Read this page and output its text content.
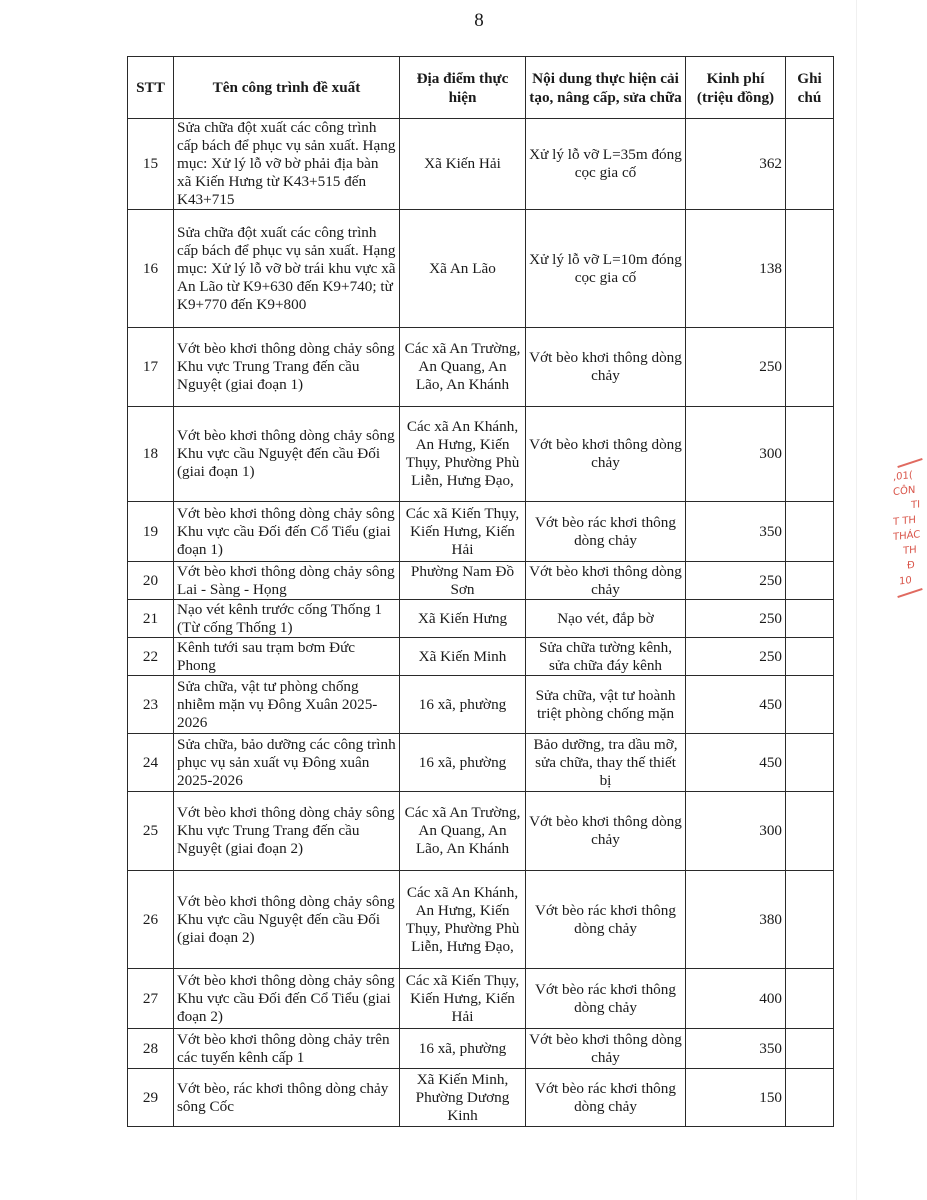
8
STT	Tên công trình đề xuất	Địa điểm thực hiện	Nội dung thực hiện cải tạo, nâng cấp, sửa chữa	Kinh phí (triệu đồng)	Ghi chú
15	Sửa chữa đột xuất các công trình cấp bách để phục vụ sản xuất. Hạng mục: Xử lý lỗ vỡ bờ phải địa bàn xã Kiến Hưng từ K43+515 đến K43+715	Xã Kiến Hải	Xử lý lỗ vỡ L=35m đóng cọc gia cố	362	
16	Sửa chữa đột xuất các công trình cấp bách để phục vụ sản xuất. Hạng mục: Xử lý lỗ vỡ bờ trái khu vực xã An Lão từ K9+630 đến K9+740; từ K9+770 đến K9+800	Xã An Lão	Xử lý lỗ vỡ L=10m đóng cọc gia cố	138	
17	Vớt bèo khơi thông dòng chảy sông Khu vực Trung Trang đến cầu Nguyệt (giai đoạn 1)	Các xã An Trường, An Quang, An Lão, An Khánh	Vớt bèo khơi thông dòng chảy	250	
18	Vớt bèo khơi thông dòng chảy sông Khu vực cầu Nguyệt đến cầu Đối (giai đoạn 1)	Các xã An Khánh, An Hưng, Kiến Thụy, Phường Phù Liễn, Hưng Đạo,	Vớt bèo khơi thông dòng chảy	300	
19	Vớt bèo khơi thông dòng chảy sông Khu vực cầu Đối đến Cổ Tiểu (giai đoạn 1)	Các xã Kiến Thụy, Kiến Hưng, Kiến Hải	Vớt bèo rác khơi thông dòng chảy	350	
20	Vớt bèo khơi thông dòng chảy sông Lai - Sàng - Họng	Phường Nam Đồ Sơn	Vớt bèo khơi thông dòng chảy	250	
21	Nạo vét kênh trước cống Thống 1 (Từ cống Thống 1)	Xã Kiến Hưng	Nạo vét, đắp bờ	250	
22	Kênh tưới sau trạm bơm Đức Phong	Xã Kiến Minh	Sửa chữa tường kênh, sửa chữa đáy kênh	250	
23	Sửa chữa, vật tư phòng chống nhiễm mặn vụ Đông Xuân 2025-2026	16 xã, phường	Sửa chữa, vật tư hoành triệt phòng chống mặn	450	
24	Sửa chữa, bảo dưỡng các công trình phục vụ sản xuất vụ Đông xuân 2025-2026	16 xã, phường	Bảo dưỡng, tra dầu mỡ, sửa chữa, thay thế thiết bị	450	
25	Vớt bèo khơi thông dòng chảy sông Khu vực Trung Trang đến cầu Nguyệt (giai đoạn 2)	Các xã An Trường, An Quang, An Lão, An Khánh	Vớt bèo khơi thông dòng chảy	300	
26	Vớt bèo khơi thông dòng chảy sông Khu vực cầu Nguyệt đến cầu Đối (giai đoạn 2)	Các xã An Khánh, An Hưng, Kiến Thụy, Phường Phù Liễn, Hưng Đạo,	Vớt bèo rác khơi thông dòng chảy	380	
27	Vớt bèo khơi thông dòng chảy sông Khu vực cầu Đối đến Cổ Tiểu (giai đoạn 2)	Các xã Kiến Thụy, Kiến Hưng, Kiến Hải	Vớt bèo rác khơi thông dòng chảy	400	
28	Vớt bèo khơi thông dòng chảy trên các tuyến kênh cấp 1	16 xã, phường	Vớt bèo khơi thông dòng chảy	350	
29	Vớt bèo, rác khơi thông dòng chảy sông Cốc	Xã Kiến Minh, Phường Dương Kinh	Vớt bèo rác khơi thông dòng chảy	150	
,01(
CÔN
TI
T TH
THÁC
TH
Đ
10
